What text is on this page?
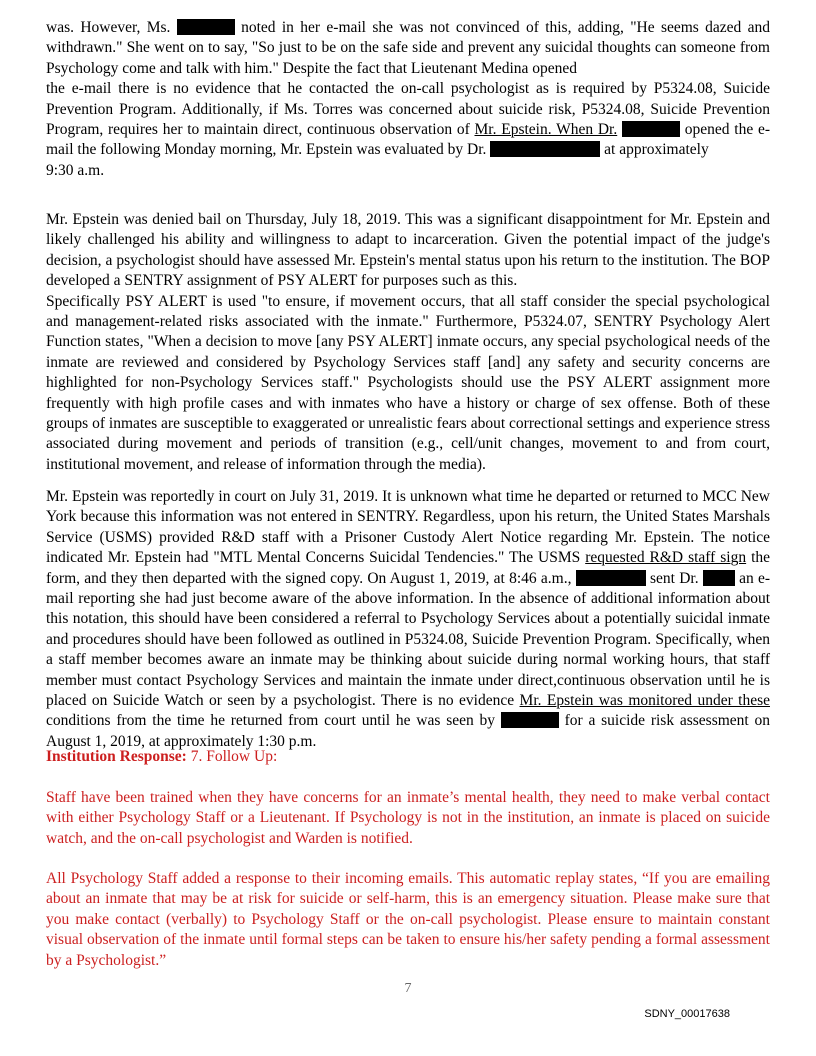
was. However, Ms.	noted in her e-mail she was not convinced of this, adding, "He seems dazed and withdrawn." She went on to say, "So just to be on the safe side and prevent any suicidal thoughts can someone from Psychology come and talk with him." Despite the fact that Lieutenant Medina opened
the e-mail there is no evidence that he contacted the on-call psychologist as is required by P5324.08, Suicide Prevention Program. Additionally, if Ms. Torres was concerned about suicide risk, P5324.08, Suicide Prevention Program, requires her to maintain direct, continuous observation of Mr. Epstein. When Dr.	opened the e-mail the following Monday morning, Mr. Epstein was evaluated by Dr.	at approximately
9:30 a.m.

Mr. Epstein was denied bail on Thursday, July 18, 2019. This was a significant disappointment for Mr. Epstein and likely challenged his ability and willingness to adapt to incarceration. Given the potential impact of the judge's decision, a psychologist should have assessed Mr. Epstein's mental status upon his return to the institution. The BOP developed a SENTRY assignment of PSY ALERT for purposes such as this.
Specifically PSY ALERT is used "to ensure, if movement occurs, that all staff consider the special psychological and management-related risks associated with the inmate." Furthermore, P5324.07, SENTRY Psychology Alert Function states, "When a decision to move [any PSY ALERT] inmate occurs, any special psychological needs of the inmate are reviewed and considered by Psychology Services staff [and] any safety and security concerns are highlighted for non-Psychology Services staff." Psychologists should use the PSY ALERT assignment more frequently with high profile cases and with inmates who have a history or charge of sex offense. Both of these groups of inmates are susceptible to exaggerated or unrealistic fears about correctional settings and experience stress associated during movement and periods of transition (e.g., cell/unit changes, movement to and from court, institutional movement, and release of information through the media).

Mr. Epstein was reportedly in court on July 31, 2019. It is unknown what time he departed or returned to MCC New York because this information was not entered in SENTRY. Regardless, upon his return, the United States Marshals Service (USMS) provided R&D staff with a Prisoner Custody Alert Notice regarding Mr. Epstein. The notice indicated Mr. Epstein had "MTL Mental Concerns Suicidal Tendencies." The USMS requested R&D staff sign the form, and they then departed with the signed copy. On August 1, 2019, at 8:46 a.m.,	sent Dr.  an e-mail reporting she had just become aware of the above information. In the absence of additional information about this notation, this should have been considered a referral to Psychology Services about a potentially suicidal inmate and procedures should have been followed as outlined in P5324.08, Suicide Prevention Program. Specifically, when a staff member becomes aware an inmate may be thinking about suicide during normal working hours, that staff member must contact Psychology Services and maintain the inmate under direct,continuous observation until he is placed on Suicide Watch or seen by a psychologist. There is no evidence Mr. Epstein was monitored under these conditions from the time he returned from court until he was seen by	for a suicide risk assessment on August 1, 2019, at approximately 1:30 p.m.

Institution Response: 7. Follow Up:

Staff have been trained when they have concerns for an inmate’s mental health, they need to make verbal contact with either Psychology Staff or a Lieutenant. If Psychology is not in the institution, an inmate is placed on suicide watch, and the on-call psychologist and Warden is notified.

All Psychology Staff added a response to their incoming emails. This automatic replay states, “If you are emailing about an inmate that may be at risk for suicide or self-harm, this is an emergency situation. Please make sure that you make contact (verbally) to Psychology Staff or the on-call psychologist. Please ensure to maintain constant visual observation of the inmate until formal steps can be taken to ensure his/her safety pending a formal assessment by a Psychologist.”

7
SDNY_00017638
